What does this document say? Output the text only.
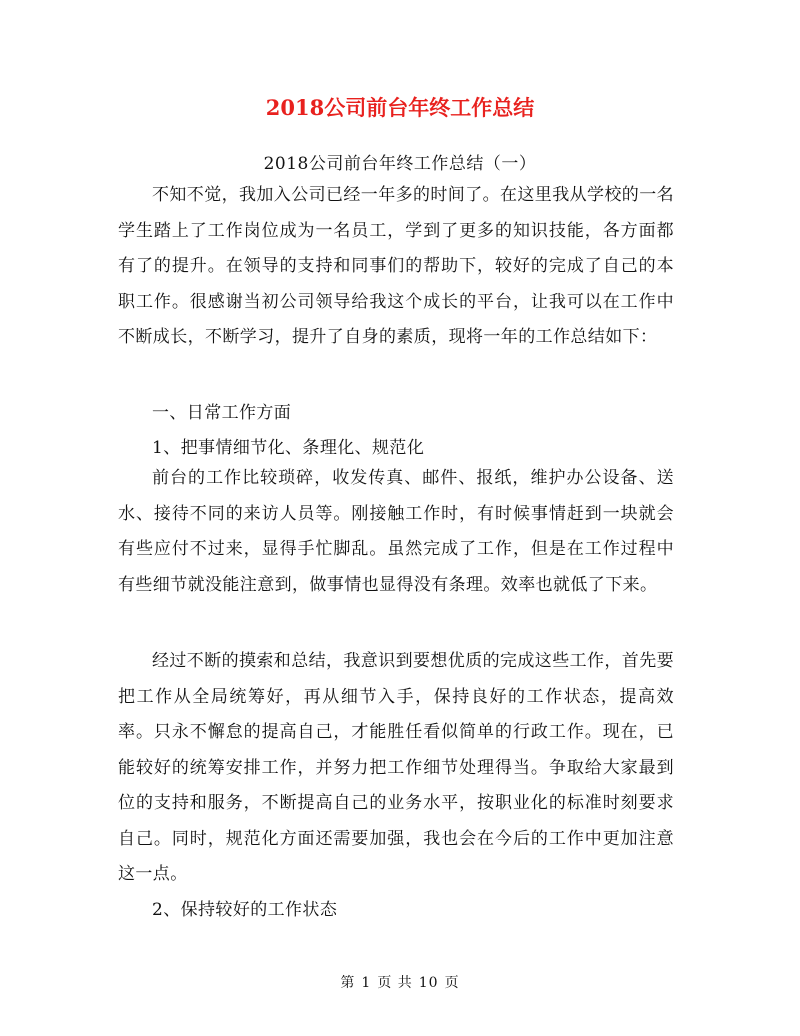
2018公司前台年终工作总结
2018公司前台年终工作总结（一）

不知不觉，我加入公司已经一年多的时间了。在这里我从学校的一名学生踏上了工作岗位成为一名员工，学到了更多的知识技能，各方面都有了的提升。在领导的支持和同事们的帮助下，较好的完成了自己的本职工作。很感谢当初公司领导给我这个成长的平台，让我可以在工作中不断成长，不断学习，提升了自身的素质，现将一年的工作总结如下：

一、日常工作方面

1、把事情细节化、条理化、规范化

前台的工作比较琐碎，收发传真、邮件、报纸，维护办公设备、送水、接待不同的来访人员等。刚接触工作时，有时候事情赶到一块就会有些应付不过来，显得手忙脚乱。虽然完成了工作，但是在工作过程中有些细节就没能注意到，做事情也显得没有条理。效率也就低了下来。

经过不断的摸索和总结，我意识到要想优质的完成这些工作，首先要把工作从全局统筹好，再从细节入手，保持良好的工作状态，提高效率。只永不懈怠的提高自己，才能胜任看似简单的行政工作。现在，已能较好的统筹安排工作，并努力把工作细节处理得当。争取给大家最到位的支持和服务，不断提高自己的业务水平，按职业化的标准时刻要求自己。同时，规范化方面还需要加强，我也会在今后的工作中更加注意这一点。

2、保持较好的工作状态

第 1 页 共 10 页
